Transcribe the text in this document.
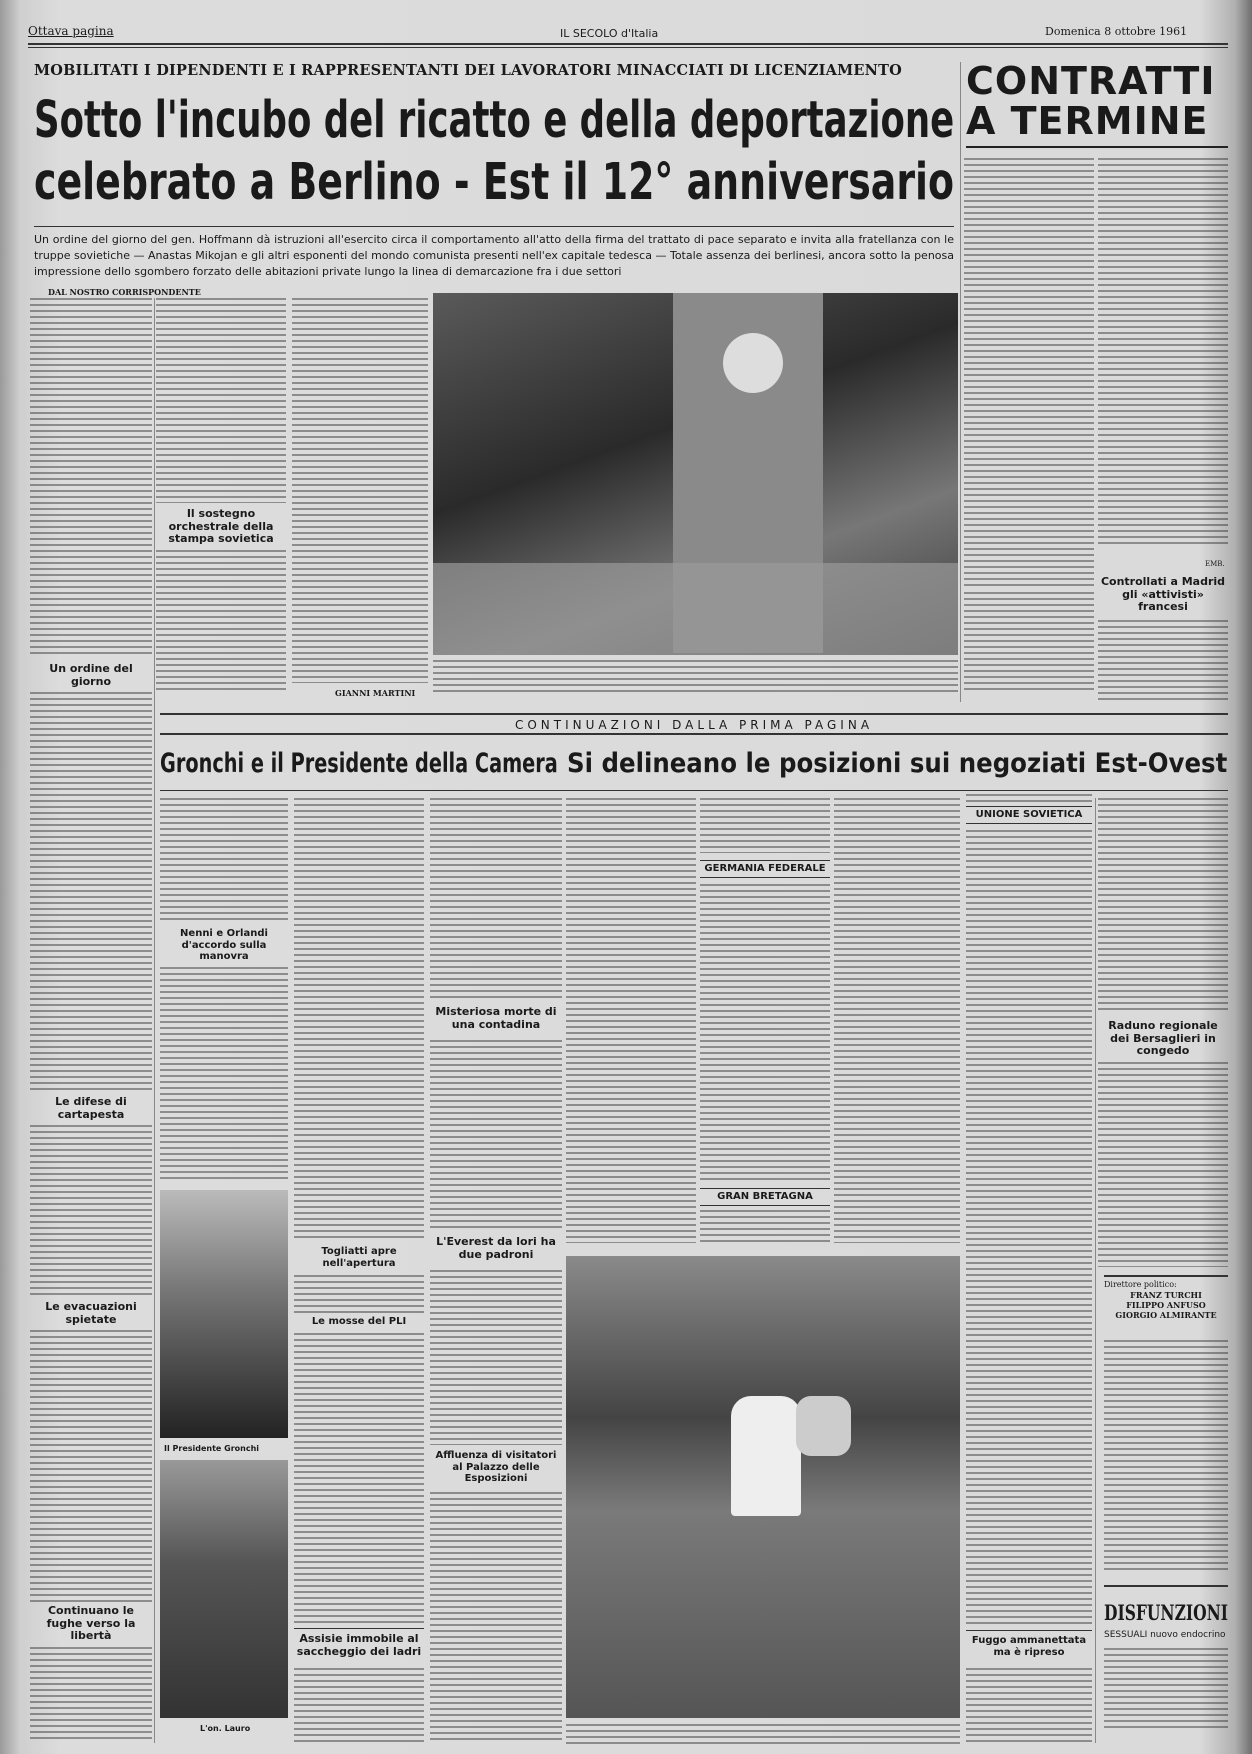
Ottava pagina	IL SECOLO d'Italia	Domenica 8 ottobre 1961
MOBILITATI I DIPENDENTI E I RAPPRESENTANTI DEI LAVORATORI MINACCIATI DI LICENZIAMENTO
Sotto l'incubo del ricatto e della deportazione
celebrato a Berlino - Est il 12° anniversario
Un ordine del giorno del gen. Hoffmann dà istruzioni all'esercito circa il comportamento all'atto della firma del trattato di pace separato e invita alla fratellanza con le truppe sovietiche — Anastas Mikojan e gli altri esponenti del mondo comunista presenti nell'ex capitale tedesca — Totale assenza dei berlinesi, ancora sotto la penosa impressione dello sgombero forzato delle abitazioni private lungo la linea di demarcazione fra i due settori
DAL NOSTRO CORRISPONDENTE
Il sostegno orchestrale della stampa sovietica
GIANNI MARTINI
CONTRATTI
A TERMINE
EMB.
Controllati a Madrid gli «attivisti» francesi
Un ordine del giorno
Le difese di cartapesta
Le evacuazioni spietate
Continuano le fughe verso la libertà
CONTINUAZIONI DALLA PRIMA PAGINA
Gronchi e il Presidente della Camera Si delineano le posizioni sui negoziati Est-Ovest
Nenni e Orlandi d'accordo sulla manovra
Il Presidente Gronchi
L'on. Lauro
Togliatti apre nell'apertura
Le mosse del PLI
Assisie immobile al saccheggio dei ladri
Misteriosa morte di una contadina
L'Everest da lori ha due padroni
Affluenza di visitatori al Palazzo delle Esposizioni
GERMANIA FEDERALE
GRAN BRETAGNA
UNIONE SOVIETICA
Fuggo ammanettata ma è ripreso
Raduno regionale dei Bersaglieri in congedo
Direttore politico:
FRANZ TURCHI
FILIPPO ANFUSO
GIORGIO ALMIRANTE
DISFUNZIONI
SESSUALI nuovo endocrino
